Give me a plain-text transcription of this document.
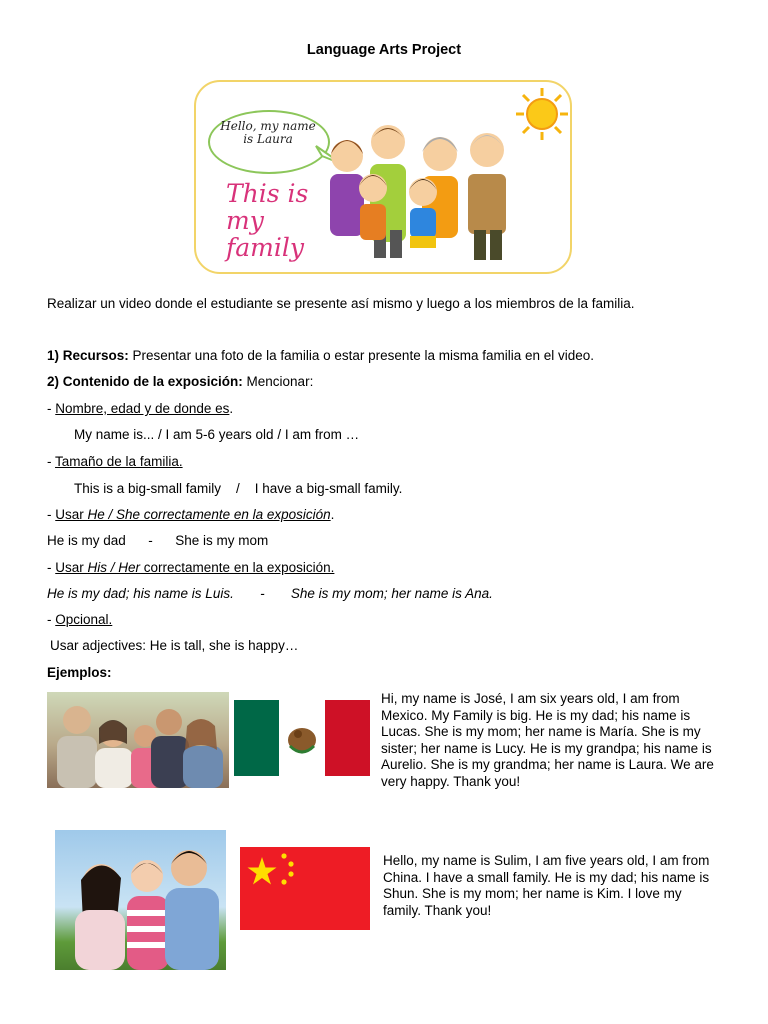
Language Arts Project
Hello, my name is Laura
This is my family
Realizar un video donde el estudiante se presente así mismo y luego a los miembros de la familia.
1) Recursos: Presentar una foto de la familia o estar presente la misma familia en el video.
2) Contenido de la exposición: Mencionar:
- Nombre, edad y de donde es.
My name is... / I am 5-6 years old / I am from …
- Tamaño de la familia.
This is a big-small family    /    I have a big-small family.
- Usar He / She correctamente en la exposición.
He is my dad      -      She is my mom
- Usar His / Her correctamente en la exposición.
He is my dad; his name is Luis.       -       She is my mom; her name is Ana.
- Opcional.
Usar adjectives: He is tall, she is happy…
Ejemplos:
Hi, my name is José, I am six years old, I am from Mexico. My Family is big. He is my dad; his name is Lucas. She is my mom; her name is María. She is my sister; her name is Lucy. He is my grandpa; his name is Aurelio. She is my grandma; her name is Laura. We are very happy. Thank you!
Hello, my name is Sulim, I am five years old, I am from China. I have a small family. He is my dad; his name is Shun. She is my mom; her name is Kim. I love my family. Thank you!
